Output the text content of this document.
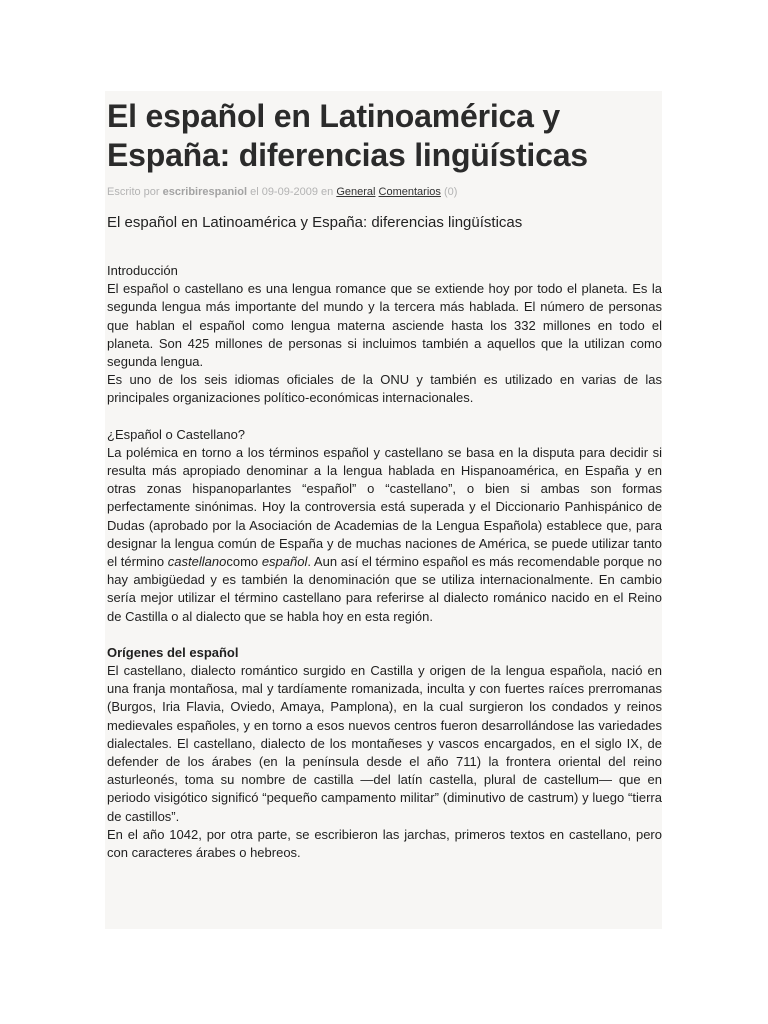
El español en Latinoamérica y España: diferencias lingüísticas
Escrito por escribirespaniol el 09-09-2009 en General Comentarios (0)
El español en Latinoamérica y España: diferencias lingüísticas

Introducción

El español o castellano es una lengua romance que se extiende hoy por todo el planeta. Es la segunda lengua más importante del mundo y la tercera más hablada. El número de personas que hablan el español como lengua materna asciende hasta los 332 millones en todo el planeta. Son 425 millones de personas si incluimos también a aquellos que la utilizan como segunda lengua.

Es uno de los seis idiomas oficiales de la ONU y también es utilizado en varias de las principales organizaciones político-económicas internacionales.

¿Español o Castellano?

La polémica en torno a los términos español y castellano se basa en la disputa para decidir si resulta más apropiado denominar a la lengua hablada en Hispanoamérica, en España y en otras zonas hispanoparlantes “español” o “castellano”, o bien si ambas son formas perfectamente sinónimas. Hoy la controversia está superada y el Diccionario Panhispánico de Dudas (aprobado por la Asociación de Academias de la Lengua Española) establece que, para designar la lengua común de España y de muchas naciones de América, se puede utilizar tanto el término castellanocomo español. Aun así el término español es más recomendable porque no hay ambigüedad y es también la denominación que se utiliza internacionalmente. En cambio sería mejor utilizar el término castellano para referirse al dialecto románico nacido en el Reino de Castilla o al dialecto que se habla hoy en esta región.

Orígenes del español

El castellano, dialecto romántico surgido en Castilla y origen de la lengua española, nació en una franja montañosa, mal y tardíamente romanizada, inculta y con fuertes raíces prerromanas (Burgos, Iria Flavia, Oviedo, Amaya, Pamplona), en la cual surgieron los condados y reinos medievales españoles, y en torno a esos nuevos centros fueron desarrollándose las variedades dialectales. El castellano, dialecto de los montañeses y vascos encargados, en el siglo IX, de defender de los árabes (en la península desde el año 711) la frontera oriental del reino asturleonés, toma su nombre de castilla —del latín castella, plural de castellum— que en periodo visigótico significó “pequeño campamento militar” (diminutivo de castrum) y luego “tierra de castillos”.

En el año 1042, por otra parte, se escribieron las jarchas, primeros textos en castellano, pero con caracteres árabes o hebreos.
